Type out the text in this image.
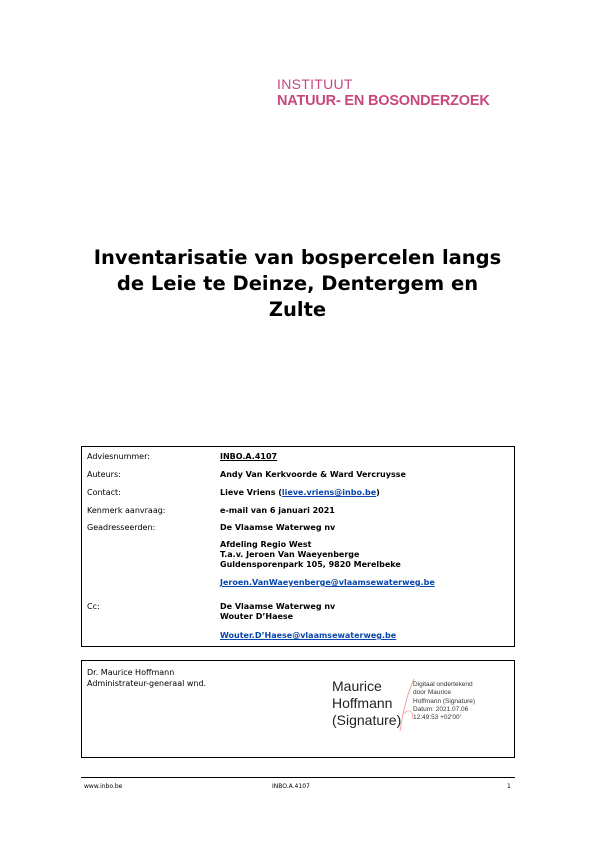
INSTITUUT
NATUUR- EN BOSONDERZOEK
Inventarisatie van bospercelen langs
de Leie te Deinze, Dentergem en
Zulte
Adviesnummer:	INBO.A.4107
Auteurs:	Andy Van Kerkvoorde & Ward Vercruysse
Contact:	Lieve Vriens (lieve.vriens@inbo.be)
Kenmerk aanvraag:	e-mail van 6 januari 2021
Geadresseerden:	De Vlaamse Waterweg nv
Afdeling Regio West
T.a.v. Jeroen Van Waeyenberge
Guldensporenpark 105, 9820 Merelbeke
Jeroen.VanWaeyenberge@vlaamsewaterweg.be
Cc:	De Vlaamse Waterweg nv
Wouter D’Haese
Wouter.D’Haese@vlaamsewaterweg.be
Dr. Maurice Hoffmann
Administrateur-generaal wnd.	Maurice
Hoffmann
(Signature)
Digitaal ondertekend
door Maurice
Hoffmann (Signature)
Datum: 2021.07.06
12:49:53 +02'00'
www.inbo.be	INBO.A.4107	1
